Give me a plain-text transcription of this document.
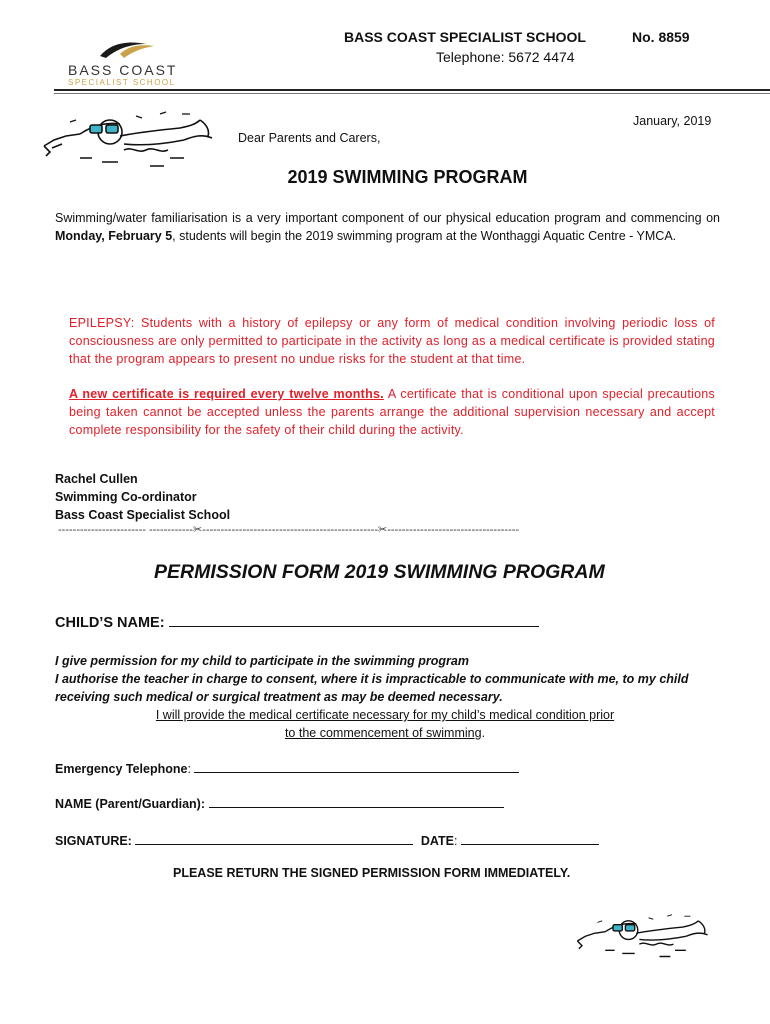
BASS COAST
SPECIALIST SCHOOL
BASS COAST SPECIALIST SCHOOL	No. 8859
Telephone: 5672 4474
January, 2019
Dear Parents and Carers,
2019 SWIMMING PROGRAM
Swimming/water familiarisation is a very important component of our physical education program and commencing on Monday, February 5, students will begin the 2019 swimming program at the Wonthaggi Aquatic Centre - YMCA.
EPILEPSY: Students with a history of epilepsy or any form of medical condition involving periodic loss of consciousness are only permitted to participate in the activity as long as a medical certificate is provided stating that the program appears to present no undue risks for the student at that time.
A new certificate is required every twelve months. A certificate that is conditional upon special precautions being taken cannot be accepted unless the parents arrange the additional supervision necessary and accept complete responsibility for the safety of their child during the activity.
Rachel Cullen
Swimming Co-ordinator
Bass Coast Specialist School
------------------------ ------------✂------------------------------------------------✂------------------------------------
PERMISSION FORM 2019 SWIMMING PROGRAM
CHILD’S NAME:
I give permission for my child to participate in the swimming program
I authorise the teacher in charge to consent, where it is impracticable to communicate with me, to my child receiving such medical or surgical treatment as may be deemed necessary.
I will provide the medical certificate necessary for my child’s medical condition prior
to the commencement of swimming.
Emergency Telephone:
NAME (Parent/Guardian):
SIGNATURE:	DATE:
PLEASE RETURN THE SIGNED PERMISSION FORM IMMEDIATELY.
